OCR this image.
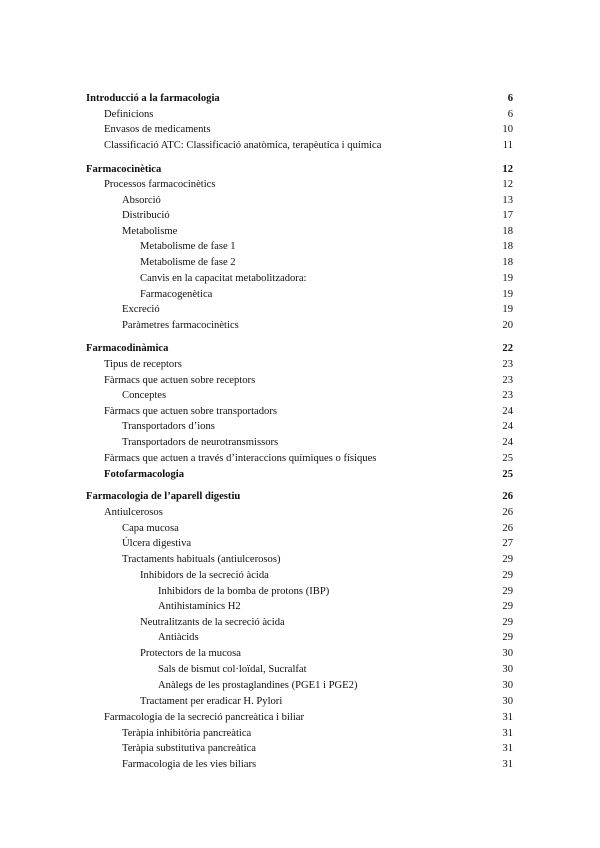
Introducció a la farmacologia	6
Definicions	6
Envasos de medicaments	10
Classificació ATC: Classificació anatòmica, terapèutica i química	11
Farmacocinètica	12
Processos farmacocinètics	12
Absorció	13
Distribució	17
Metabolisme	18
Metabolisme de fase 1	18
Metabolisme de fase 2	18
Canvis en la capacitat metabolitzadora:	19
Farmacogenètica	19
Excreció	19
Paràmetres farmacocinètics	20
Farmacodinàmica	22
Tipus de receptors	23
Fàrmacs que actuen sobre receptors	23
Conceptes	23
Fàrmacs que actuen sobre transportadors	24
Transportadors d’ions	24
Transportadors de neurotransmissors	24
Fàrmacs que actuen a través d’interaccions químiques o físiques	25
Fotofarmacologia	25
Farmacologia de l’aparell digestiu	26
Antiulcerosos	26
Capa mucosa	26
Úlcera digestiva	27
Tractaments habituals (antiulcerosos)	29
Inhibidors de la secreció àcida	29
Inhibidors de la bomba de protons (IBP)	29
Antihistamínics H2	29
Neutralitzants de la secreció àcida	29
Antiàcids	29
Protectors de la mucosa	30
Sals de bismut col·loïdal, Sucralfat	30
Anàlegs de les prostaglandines (PGE1 i PGE2)	30
Tractament per eradicar H. Pylori	30
Farmacologia de la secreció pancreàtica i biliar	31
Teràpia inhibitòria pancreàtica	31
Teràpia substitutiva pancreàtica	31
Farmacologia de les vies biliars	31
